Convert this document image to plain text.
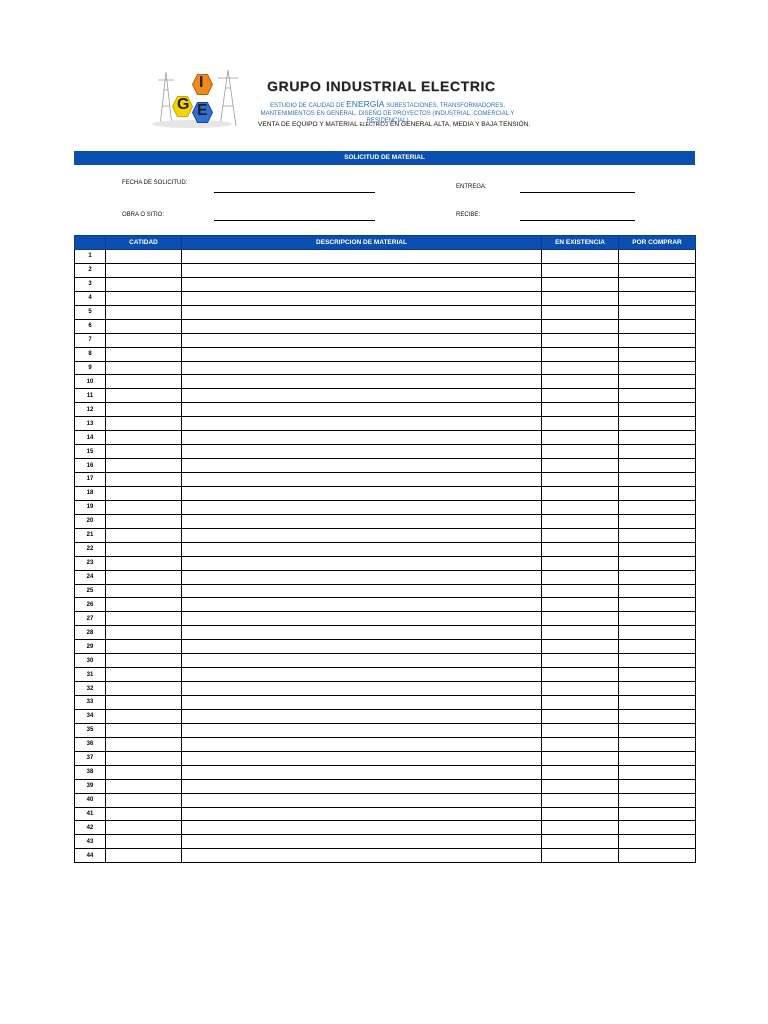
G
I
E
GRUPO INDUSTRIAL ELECTRIC
ESTUDIO DE CALIDAD DE ENERGÍA SUBESTACIONES, TRANSFORMADORES, MANTENIMIENTOS EN GENERAL, DISEÑO DE PROYECTOS (INDUSTRIAL, COMERCIAL Y RESIDENCIAL)
VENTA DE EQUIPO Y MATERIAL ELECTRICO EN GENERAL ALTA, MEDIA Y BAJA TENSIÓN.
SOLICITUD DE MATERIAL
FECHA DE SOLICITUD:
ENTREGA:
OBRA O SITIO:	RECIBE:
	CATIDAD	DESCRIPCION DE MATERIAL	EN EXISTENCIA	POR COMPRAR
1				
2				
3				
4				
5				
6				
7				
8				
9				
10				
11				
12				
13				
14				
15				
16				
17				
18				
19				
20				
21				
22				
23				
24				
25				
26				
27				
28				
29				
30				
31				
32				
33				
34				
35				
36				
37				
38				
39				
40				
41				
42				
43				
44				
